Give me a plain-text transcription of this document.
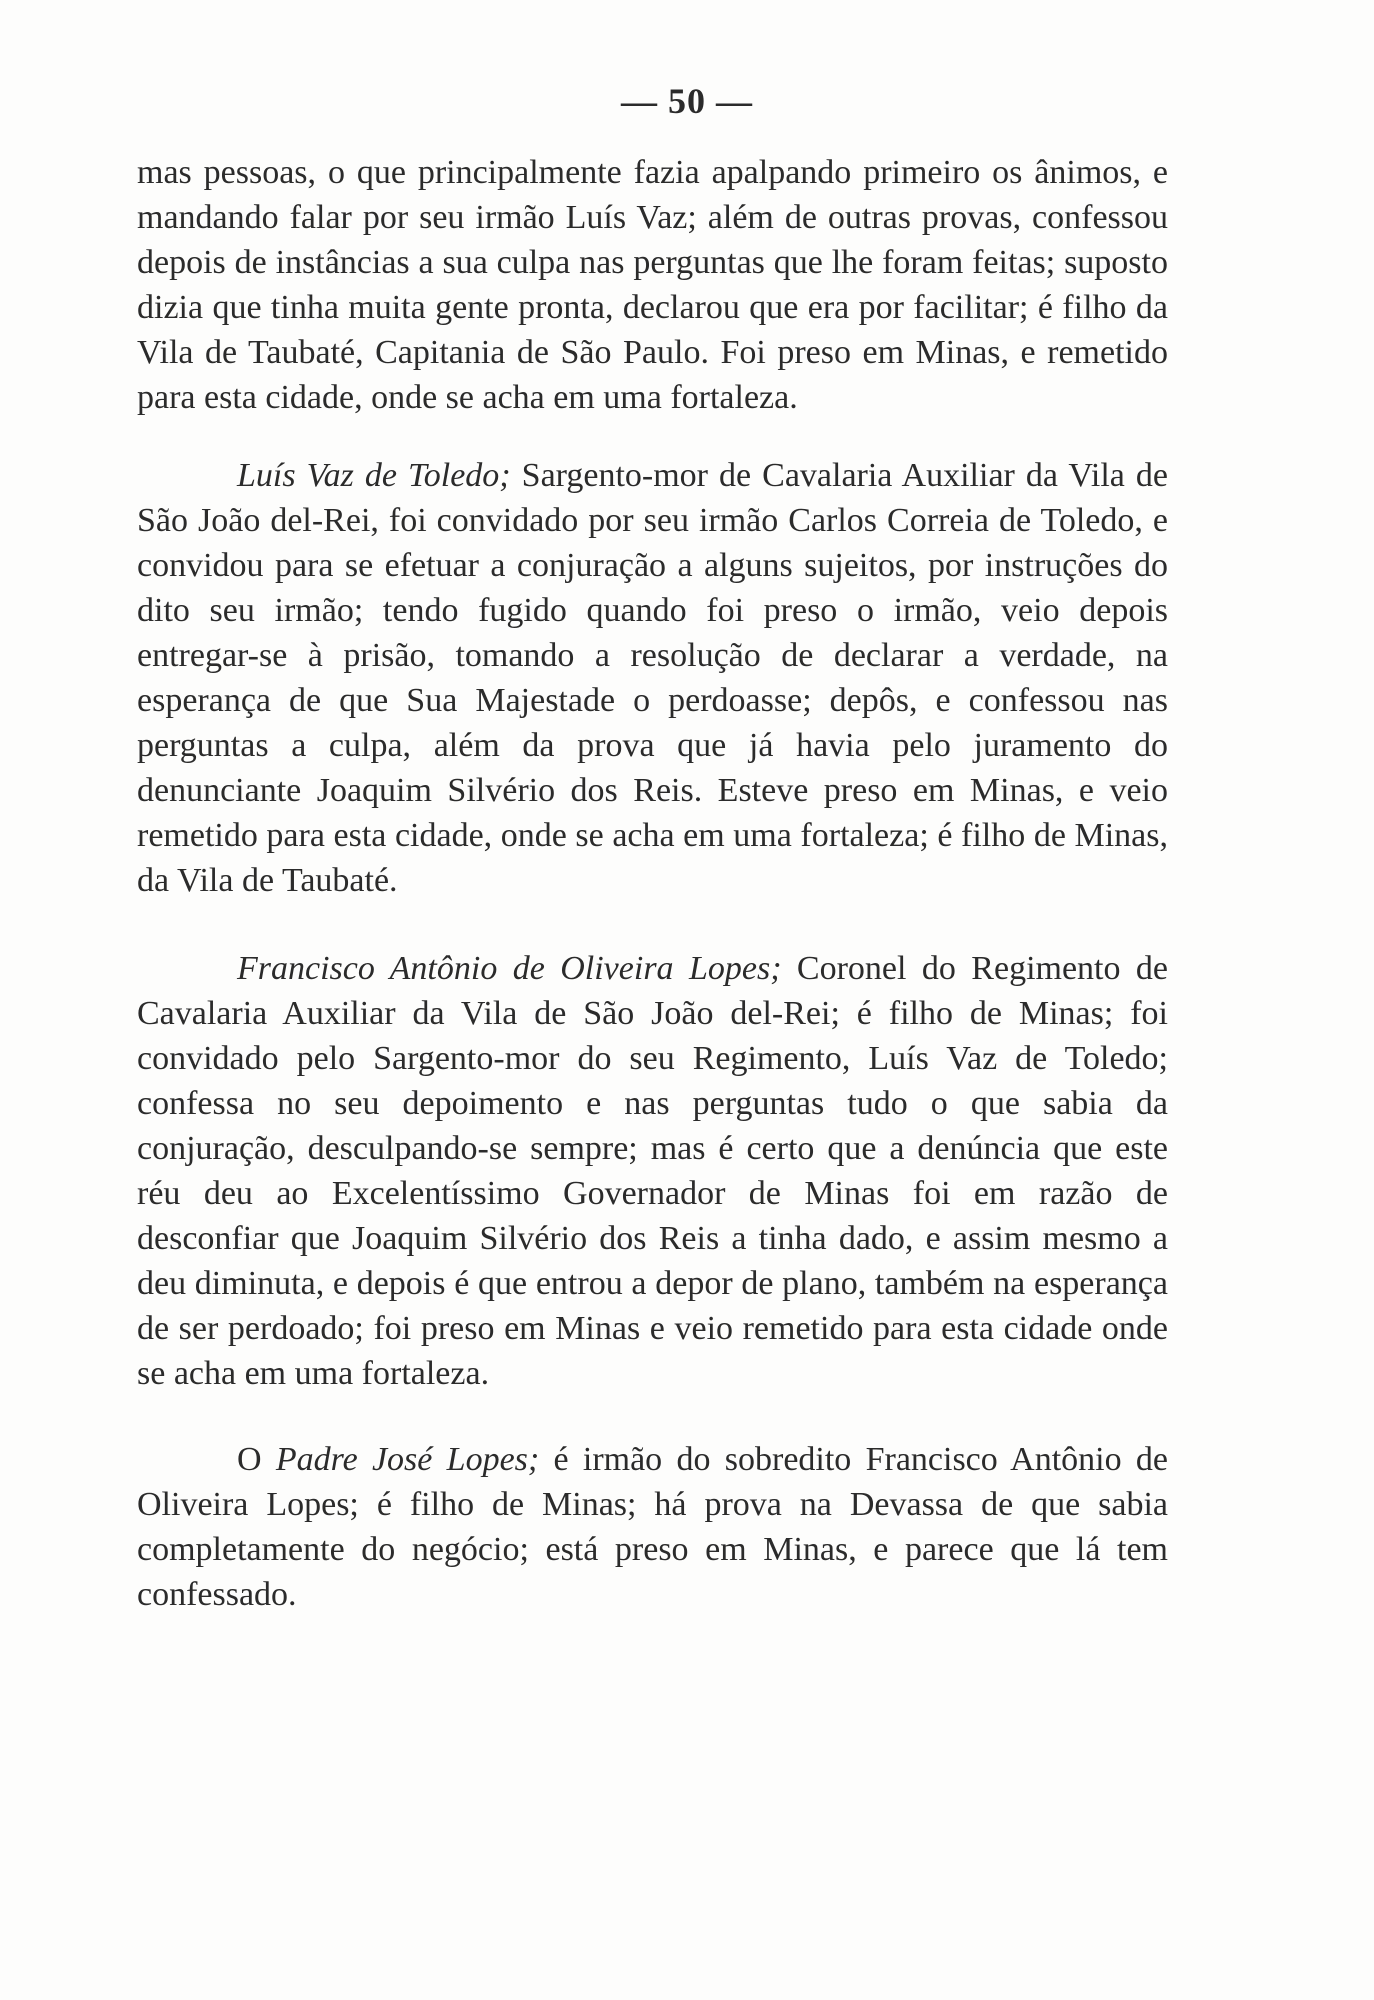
— 50 —

mas pessoas, o que principalmente fazia apalpando primeiro os ânimos, e mandando falar por seu irmão Luís Vaz; além de outras provas, confessou depois de instâncias a sua culpa nas perguntas que lhe foram feitas; suposto dizia que tinha muita gente pronta, declarou que era por facilitar; é filho da Vila de Taubaté, Capitania de São Paulo. Foi preso em Minas, e remetido para esta cidade, onde se acha em uma fortaleza.

Luís Vaz de Toledo; Sargento-mor de Cavalaria Auxiliar da Vila de São João del-Rei, foi convidado por seu irmão Carlos Correia de Toledo, e convidou para se efetuar a conjuração a alguns sujeitos, por instruções do dito seu irmão; tendo fugido quando foi preso o irmão, veio depois entregar-se à prisão, tomando a resolução de declarar a verdade, na esperança de que Sua Majestade o perdoasse; depôs, e confessou nas perguntas a culpa, além da prova que já havia pelo juramento do denunciante Joaquim Silvério dos Reis. Esteve preso em Minas, e veio remetido para esta cidade, onde se acha em uma fortaleza; é filho de Minas, da Vila de Taubaté.

Francisco Antônio de Oliveira Lopes; Coronel do Regimento de Cavalaria Auxiliar da Vila de São João del-Rei; é filho de Minas; foi convidado pelo Sargento-mor do seu Regimento, Luís Vaz de Toledo; confessa no seu depoimento e nas perguntas tudo o que sabia da conjuração, desculpando-se sempre; mas é certo que a denúncia que este réu deu ao Excelentíssimo Governador de Minas foi em razão de desconfiar que Joaquim Silvério dos Reis a tinha dado, e assim mesmo a deu diminuta, e depois é que entrou a depor de plano, também na esperança de ser perdoado; foi preso em Minas e veio remetido para esta cidade onde se acha em uma fortaleza.

O Padre José Lopes; é irmão do sobredito Francisco Antônio de Oliveira Lopes; é filho de Minas; há prova na Devassa de que sabia completamente do negócio; está preso em Minas, e parece que lá tem confessado.
